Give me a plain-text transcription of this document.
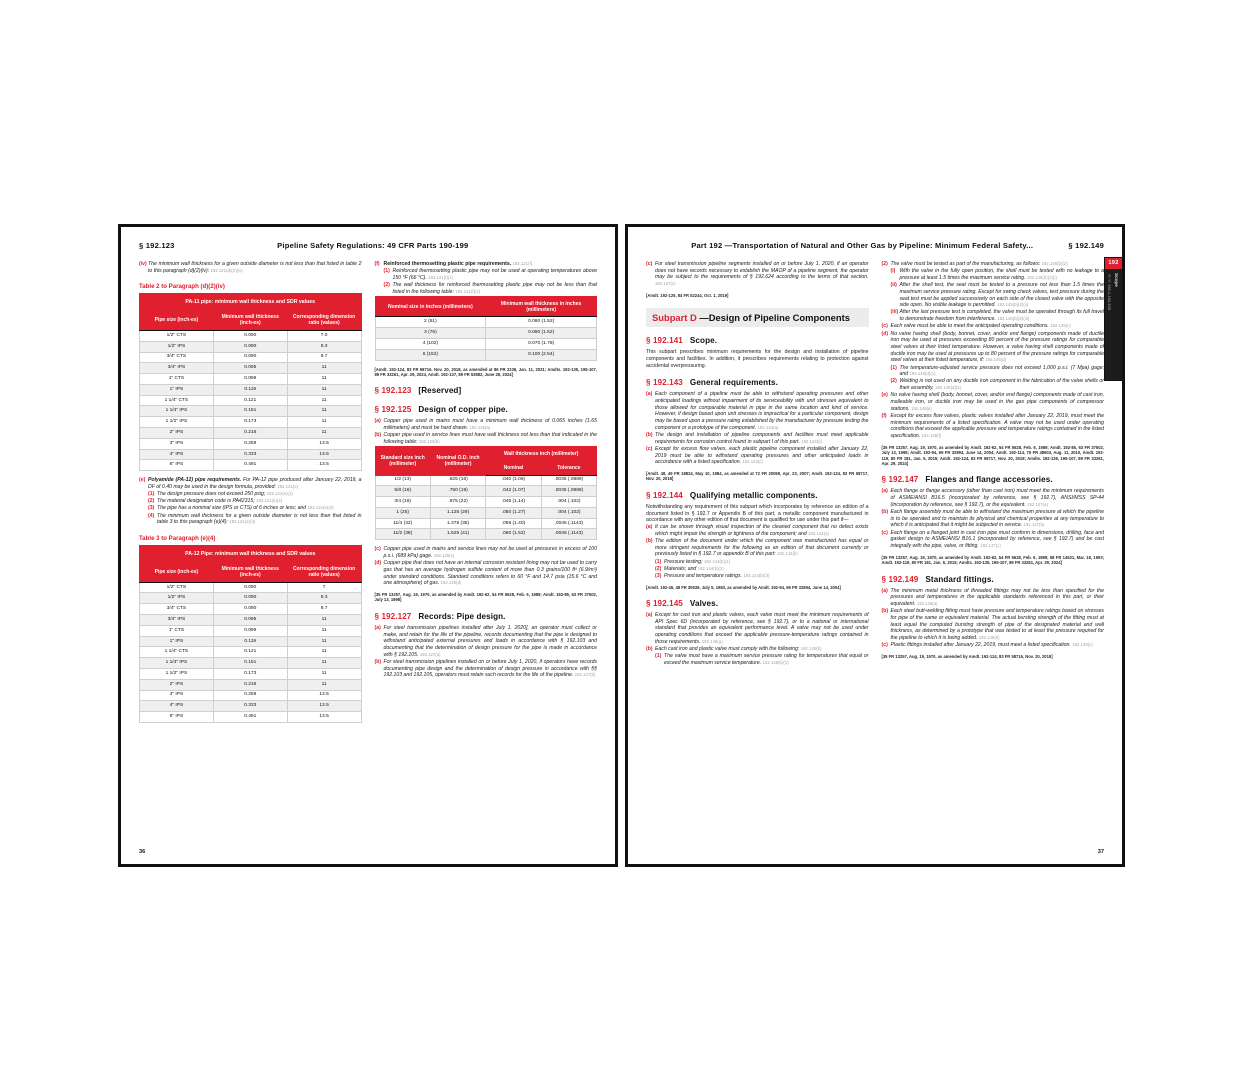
§ 192.123	Pipeline Safety Regulations: 49 CFR Parts 190-199
(iv) The minimum wall thickness for a given outside diameter is not less than that listed in table 2 to this paragraph (d)(2)(iv): 192.121(d)(2)(iv)
Table 2 to Paragraph (d)(2)(iv)
PA-11 pipe: minimum wall thickness and SDR values		
Pipe size (inch-es)	Minimum wall thickness (inch-es)	Corresponding dimension ratio (values)
1/2" CTS	0.090	7.0
1/2" IPS	0.090	9.3
3/4" CTS	0.090	9.7
3/4" IPS	0.095	11
1" CTS	0.099	11
1" IPS	0.119	11
1 1/4" CTS	0.121	11
1 1/4" IPS	0.151	11
1 1/2" IPS	0.173	11
2" IPS	0.216	11
3" IPS	0.259	13.5
4" IPS	0.333	13.5
6" IPS	0.491	13.5
(e) Polyamide (PA-12) pipe requirements. For PA-12 pipe produced after January 22, 2019, a DF of 0.40 may be used in the design formula, provided: 192.121(e)
(1) The design pressure does not exceed 250 psig; 192.121(e)(1)
(2) The material designation code is PA42315; 192.121(e)(2)
(3) The pipe has a nominal size (IPS or CTS) of 6 inches or less; and 192.121(e)(3)
(4) The minimum wall thickness for a given outside diameter is not less than that listed in table 3 to this paragraph (e)(4): 192.121(e)(4)
Table 3 to Paragraph (e)(4)
PA-12 Pipe: minimum wall thickness and SDR values		
Pipe size (inch-es)	Minimum wall thickness (inch-es)	Corresponding dimension ratio (values)
1/2" CTS	0.090	7
1/2" IPS	0.090	9.3
3/4" CTS	0.090	9.7
3/4" IPS	0.095	11
1" CTS	0.099	11
1" IPS	0.119	11
1 1/4" CTS	0.121	11
1 1/4" IPS	0.151	11
1 1/2" IPS	0.173	11
2" IPS	0.216	11
3" IPS	0.259	13.5
4" IPS	0.333	13.5
6" IPS	0.491	13.5
(f) Reinforced thermosetting plastic pipe requirements. 192.121(f)
(1) Reinforced thermosetting plastic pipe may not be used at operating temperatures above 150 °F (66 °C). 192.121(f)(1)
(2) The wall thickness for reinforced thermosetting plastic pipe may not be less than that listed in the following table: 192.121(f)(2)
Nominal size in inches (millimeters)	Minimum wall thickness in inches (millimeters)
2 (51)	0.060 (1.52)
3 (76)	0.060 (1.52)
4 (102)	0.070 (1.78)
6 (152)	0.100 (2.54)
[Amdt. 192-124, 83 FR 58716, Nov. 20, 2018, as amended at 86 FR 2236, Jan. 11, 2021; Amdts. 192-135, 195-107, 89 FR 33261, Apr. 29, 2024, Amdt. 192-137, 89 FR 53882, June 28, 2024]
§ 192.123 [Reserved]
§ 192.125 Design of copper pipe.
(a) Copper pipe used in mains must have a minimum wall thickness of 0.065 inches (1.65 millimeters) and must be hard drawn. 192.125(a)
(b) Copper pipe used in service lines must have wall thickness not less than that indicated in the following table: 192.125(b)
Standard size inch (millimeter)	Nominal O.D. inch (millimeter)	Wall thickness inch (millimeter)	
		Nominal	Tolerance
1/2 (13)	.625 (16)	.040 (1.06)	.0035 (.0889)
5/8 (16)	.750 (19)	.042 (1.07)	.0035 (.0889)
3/4 (19)	.875 (22)	.045 (1.14)	.004 (.102)
1 (25)	1.125 (29)	.050 (1.27)	.004 (.102)
11/4 (32)	1.375 (35)	.055 (1.40)	.0045 (.1143)
11/2 (38)	1.625 (41)	.060 (1.52)	.0045 (.1143)
(c) Copper pipe used in mains and service lines may not be used at pressures in excess of 100 p.s.i. (689 kPa) gage. 192.125(c)
(d) Copper pipe that does not have an internal corrosion resistant lining may not be used to carry gas that has an average hydrogen sulfide content of more than 0.3 grains/100 ft³ (6.9/m³) under standard conditions. Standard conditions refers to 60 °F and 14.7 psia (15.6 °C and one atmosphere) of gas. 192.125(d)
[35 FR 13257, Aug. 19, 1970, as amended by Amdt. 192-62, 54 FR 5628, Feb. 6, 1989; Amdt. 192-85, 63 FR 37502, July 13, 1998]
§ 192.127 Records: Pipe design.
(a) For steel transmission pipelines installed after July 1, 2020], an operator must collect or make, and retain for the life of the pipeline, records documenting that the pipe is designed to withstand anticipated external pressures and loads in accordance with § 192.103 and documenting that the determination of design pressure for the pipe is made in accordance with § 192.105. 192.127(a)
(b) For steel transmission pipelines installed on or before July 1, 2020, if operators have records documenting pipe design and the determination of design pressure in accordance with §§ 192.103 and 192.105, operators must retain such records for the life of the pipeline. 192.127(b)
36
Part 192 —Transportation of Natural and Other Gas by Pipeline: Minimum Federal Safety...	§ 192.149
(c) For steel transmission pipeline segments installed on or before July 1, 2020, if an operator does not have records necessary to establish the MAOP of a pipeline segment, the operator may be subject to the requirements of § 192.624 according to the terms of that section. 192.127(c)
[Amdt. 192-125, 84 FR 52244, Oct. 1, 2019]
Subpart D —Design of Pipeline Components
§ 192.141 Scope.
This subpart prescribes minimum requirements for the design and installation of pipeline components and facilities. In addition, it prescribes requirements relating to protection against accidental overpressuring.
§ 192.143 General requirements.
(a) Each component of a pipeline must be able to withstand operating pressures and other anticipated loadings without impairment of its serviceability with unit stresses equivalent to those allowed for comparable material in pipe in the same location and kind of service. However, if design based upon unit stresses is impractical for a particular component, design may be based upon a pressure rating established by the manufacturer by pressure testing the component or a prototype of the component. 192.143(a)
(b) The design and installation of pipeline components and facilities must meet applicable requirements for corrosion control found in subpart I of this part. 192.143(b)
(c) Except for excess flow valves, each plastic pipeline component installed after January 22, 2019 must be able to withstand operating pressures and other anticipated loads in accordance with a listed specification. 192.143(c)
[Amdt. 48, 49 FR 18824, May 10, 1984, as amended at 72 FR 20059, Apr. 23, 2007; Amdt. 192-124, 83 FR 58717, Nov. 20, 2018]
§ 192.144 Qualifying metallic components.
Notwithstanding any requirement of this subpart which incorporates by reference an edition of a document listed in § 192.7 or Appendix B of this part, a metallic component manufactured in accordance with any other edition of that document is qualified for use under this part if—
(a) It can be shown through visual inspection of the cleaned component that no defect exists which might impair the strength or tightness of the component; and 192.144(a)
(b) The edition of the document under which the component was manufactured has equal or more stringent requirements for the following as an edition of that document currently or previously listed in § 192.7 or appendix B of this part: 192.144(b)
(1) Pressure testing; 192.144(b)(1)
(2) Materials; and 192.144(b)(2)
(3) Pressure and temperature ratings. 192.144(b)(3)
[Amdt. 192-45, 48 FR 30639, July 5, 1983, as amended by Amdt. 192-94, 69 FR 32894, June 14, 2004]
§ 192.145 Valves.
(a) Except for cast iron and plastic valves, each valve must meet the minimum requirements of API Spec 6D (incorporated by reference, see § 192.7), or to a national or international standard that provides an equivalent performance level. A valve may not be used under operating conditions that exceed the applicable pressure-temperature ratings contained in those requirements. 192.145(a)
(b) Each cast iron and plastic valve must comply with the following: 192.145(b)
(1) The valve must have a maximum service pressure rating for temperatures that equal or exceed the maximum service temperature. 192.145(b)(1)
(2) The valve must be tested as part of the manufacturing, as follows: 192.145(b)(2)
(i) With the valve in the fully open position, the shell must be tested with no leakage to a pressure at least 1.5 times the maximum service rating. 192.145(b)(2)(i)
(ii) After the shell test, the seat must be tested to a pressure not less than 1.5 times the maximum service pressure rating. Except for swing check valves, test pressure during the seat test must be applied successively on each side of the closed valve with the opposite side open. No visible leakage is permitted. 192.145(b)(2)(ii)
(iii) After the last pressure test is completed, the valve must be operated through its full travel to demonstrate freedom from interference. 192.145(b)(2)(iii)
(c) Each valve must be able to meet the anticipated operating conditions. 192.145(c)
(d) No valve having shell (body, bonnet, cover, and/or end flange) components made of ductile iron may be used at pressures exceeding 80 percent of the pressure ratings for comparable steel valves at their listed temperature. However, a valve having shell components made of ductile iron may be used at pressures up to 80 percent of the pressure ratings for comparable steel valves at their listed temperature, if: 192.145(d)
(1) The temperature-adjusted service pressure does not exceed 1,000 p.s.i. (7 Mpa) gage; and 192.145(d)(1)
(2) Welding is not used on any ductile iron component in the fabrication of the valve shells or their assembly. 192.145(d)(2)
(e) No valve having shell (body, bonnet, cover, and/or end flange) components made of cast iron, malleable iron, or ductile iron may be used in the gas pipe components of compressor stations. 192.145(e)
(f) Except for excess flow valves, plastic valves installed after January 22, 2019, must meet the minimum requirements of a listed specification. A valve may not be used under operating conditions that exceed the applicable pressure and temperature ratings contained in the listed specification. 192.145(f)
[35 FR 13257, Aug. 19, 1970, as amended by Amdt. 192-62, 54 FR 5628, Feb. 6, 1989; Amdt. 192-85, 63 FR 37502, July 13, 1998; Amdt. 192-94, 69 FR 32894, June 14, 2004; Amdt. 192-114, 75 FR 48603, Aug. 11, 2010, Amdt. 192-119, 80 FR 181, Jan. 5, 2015; Amdt. 192-124, 83 FR 58717, Nov. 20, 2018; Amdts. 192-135, 195-107, 89 FR 33261, Apr. 29, 2024]
§ 192.147 Flanges and flange accessories.
(a) Each flange or flange accessory (other than cast iron) must meet the minimum requirements of ASME/ANSI B16.5 (incorporated by reference, see § 192.7), ANSI/MSS SP-44 (incorporation by reference, see § 192.7), or the equivalent. 192.147(a)
(b) Each flange assembly must be able to withstand the maximum pressure at which the pipeline is to be operated and to maintain its physical and chemical properties at any temperature to which it is anticipated that it might be subjected in service. 192.147(b)
(c) Each flange on a flanged joint in cast iron pipe must conform in dimensions, drilling, face and gasket design to ASME/ANSI B16.1 (incorporated by reference, see § 192.7) and be cast integrally with the pipe, valve, or fitting. 192.147(c)
[35 FR 13257, Aug. 19, 1970, as amended by Amdt. 192-62, 54 FR 5628, Feb. 6, 1989; 58 FR 14521, Mar. 18, 1993; Amdt. 192-119, 80 FR 181, Jan. 5, 2015; Amdts. 192-135, 195-107, 89 FR 33261, Apr. 29, 2024]
§ 192.149 Standard fittings.
(a) The minimum metal thickness of threaded fittings may not be less than specified for the pressures and temperatures in the applicable standards referenced in this part, or their equivalent. 192.149(a)
(b) Each steel butt-welding fitting must have pressure and temperature ratings based on stresses for pipe of the same or equivalent material. The actual bursting strength of the fitting must at least equal the computed bursting strength of pipe of the designated material and wall thickness, as determined by a prototype that was tested to at least the pressure required for the pipeline to which it is being added. 192.149(b)
(c) Plastic fittings installed after January 22, 2019, must meet a listed specification. 192.149(c)
[35 FR 13257, Aug. 19, 1970, as amended by Amdt. 192-124, 83 FR 58716, Nov. 20, 2018]
37
192
Scope
§§ 192.1-192.305
